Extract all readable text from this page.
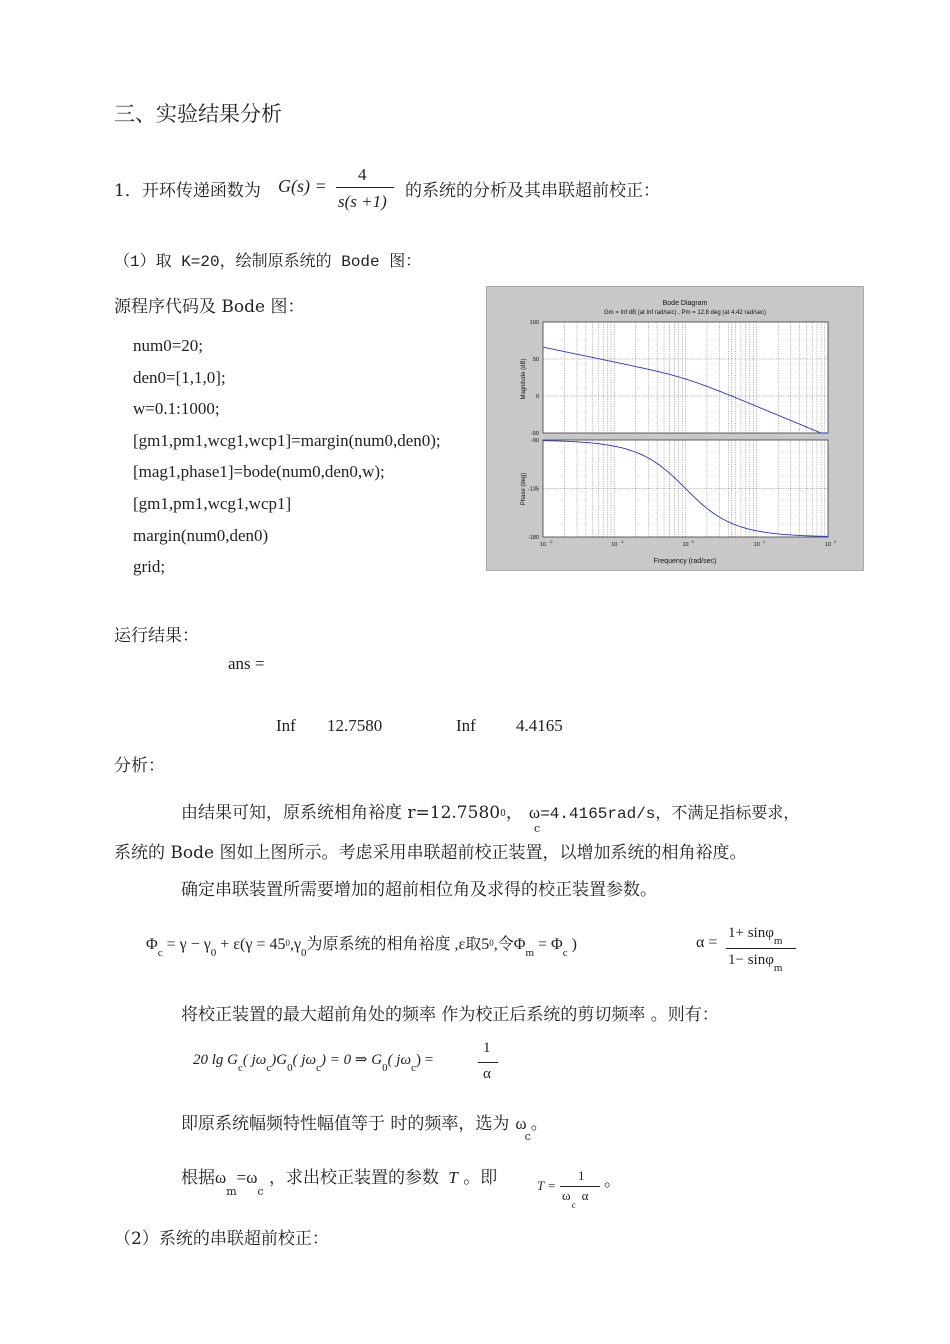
三、实验结果分析
1．开环传递函数为 G(s) =
4
s(s +1)
的系统的分析及其串联超前校正：
（1）取 K=20，绘制原系统的 Bode 图：
源程序代码及 Bode 图：
num0=20;
den0=[1,1,0];
w=0.1:1000;
[gm1,pm1,wcg1,wcp1]=margin(num0,den0);
[mag1,phase1]=bode(num0,den0,w);
[gm1,pm1,wcg1,wcp1]
margin(num0,den0)
grid;
Bode Diagram
Gm = Inf dB (at Inf rad/sec) , Pm = 12.8 deg (at 4.42 rad/sec)
100
50
0
-50
-90
-135
-180
10
-2
10
-1
10
0
10
1
10
2
Magnitude (dB)
Phase (deg)
Frequency (rad/sec)
运行结果：
ans =
Inf 12.7580	Inf 4.4165
分析：
由结果可知，原系统相角裕度 r=12.75800， $\omega_c=4.4165rad/s$，不满足指标要求，
系统的 Bode 图如上图所示。考虑采用串联超前校正装置，以增加系统的相角裕度。
确定串联装置所需要增加的超前相位角及求得的校正装置参数。
$\Phi_c = \gamma - \gamma_0 + \varepsilon(\gamma = 450,\gamma_0$为原系统的相角裕度 ,ε取50,令$\Phi_m = \Phi_c$ )	α =
1+ sinφ$_m$
1− sinφ$_m$
将校正装置的最大超前角处的频率 作为校正后系统的剪切频率 。则有：
20 $\lg G_c$( $j\omega_c)G_0$( $j\omega_c) = 0$ ⇒ $G_0$( $j\omega_c$) =
1
α
即原系统幅频特性幅值等于 时的频率，选为 $\omega_c$。
根据$\omega_m=\omega_c$ ，求出校正装置的参数 T 。即	T =
1
$\omega_c\alpha$
。
（2）系统的串联超前校正：
